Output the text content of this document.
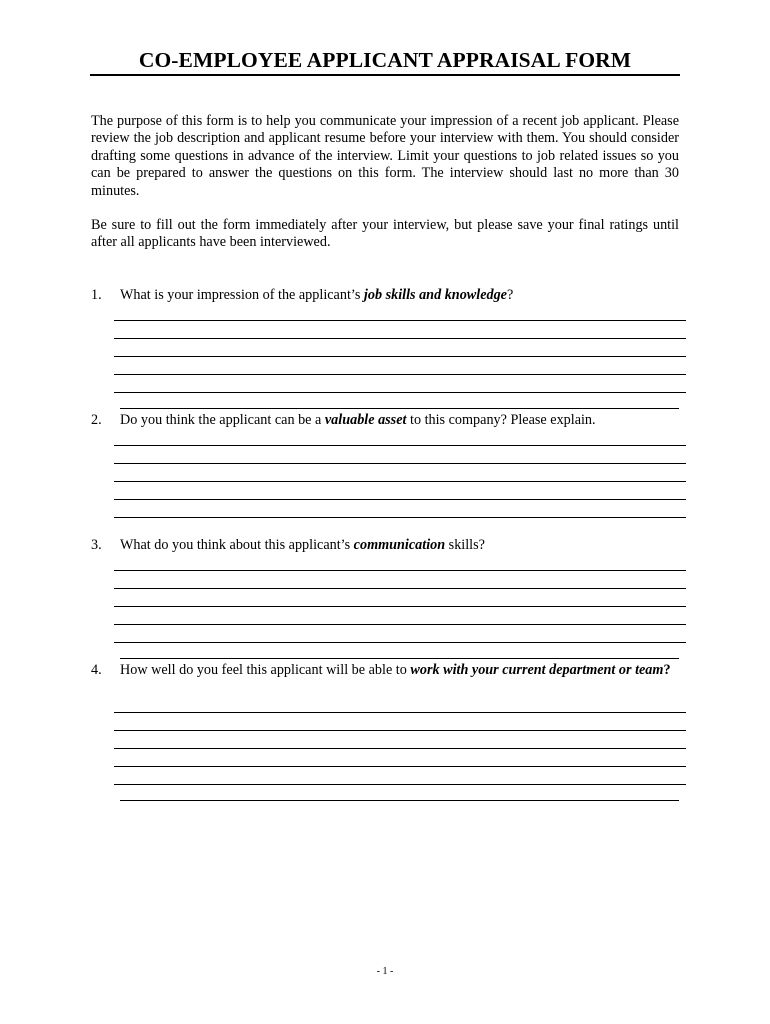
CO-EMPLOYEE APPLICANT APPRAISAL FORM
The purpose of this form is to help you communicate your impression of a recent job applicant. Please review the job description and applicant resume before your interview with them. You should consider drafting some questions in advance of the interview. Limit your questions to job related issues so you can be prepared to answer the questions on this form. The interview should last no more than 30 minutes.
Be sure to fill out the form immediately after your interview, but please save your final ratings until after all applicants have been interviewed.
1. What is your impression of the applicant’s job skills and knowledge?
2. Do you think the applicant can be a valuable asset to this company? Please explain.
3. What do you think about this applicant’s communication skills?
4. How well do you feel this applicant will be able to work with your current department or team?
- 1 -
